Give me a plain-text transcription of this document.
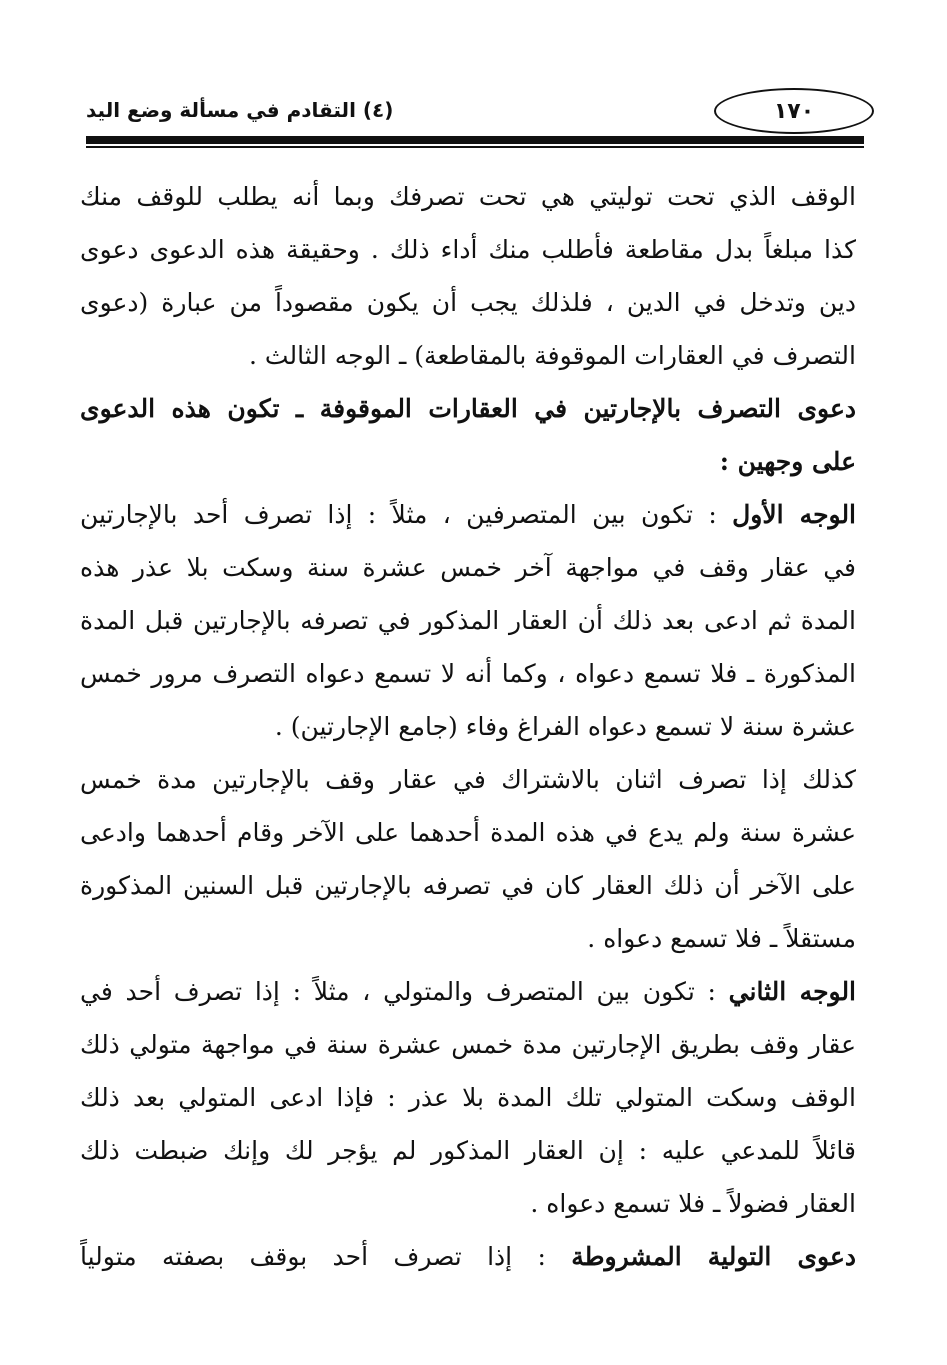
١٧٠
(٤) التقادم في مسألة وضع اليد
الوقف الذي تحت توليتي هي تحت تصرفك وبما أنه يطلب للوقف منك
كذا مبلغاً بدل مقاطعة فأطلب منك أداء ذلك . وحقيقة هذه الدعوى دعوى
دين وتدخل في الدين ، فلذلك يجب أن يكون مقصوداً من عبارة (دعوى
التصرف في العقارات الموقوفة بالمقاطعة) ـ الوجه الثالث .
دعوى التصرف بالإجارتين في العقارات الموقوفة ـ تكون هذه الدعوى
على وجهين :
الوجه الأول : تكون بين المتصرفين ، مثلاً : إذا تصرف أحد بالإجارتين
في عقار وقف في مواجهة آخر خمس عشرة سنة وسكت بلا عذر هذه
المدة ثم ادعى بعد ذلك أن العقار المذكور في تصرفه بالإجارتين قبل المدة
المذكورة ـ فلا تسمع دعواه ، وكما أنه لا تسمع دعواه التصرف مرور خمس
عشرة سنة لا تسمع دعواه الفراغ وفاء (جامع الإجارتين) .
كذلك إذا تصرف اثنان بالاشتراك في عقار وقف بالإجارتين مدة خمس
عشرة سنة ولم يدع في هذه المدة أحدهما على الآخر وقام أحدهما وادعى
على الآخر أن ذلك العقار كان في تصرفه بالإجارتين قبل السنين المذكورة
مستقلاً ـ فلا تسمع دعواه .
الوجه الثاني : تكون بين المتصرف والمتولي ، مثلاً : إذا تصرف أحد في
عقار وقف بطريق الإجارتين مدة خمس عشرة سنة في مواجهة متولي ذلك
الوقف وسكت المتولي تلك المدة بلا عذر : فإذا ادعى المتولي بعد ذلك
قائلاً للمدعي عليه : إن العقار المذكور لم يؤجر لك وإنك ضبطت ذلك
العقار فضولاً ـ فلا تسمع دعواه .
دعوى التولية المشروطة : إذا تصرف أحد بوقف بصفته متولياً
